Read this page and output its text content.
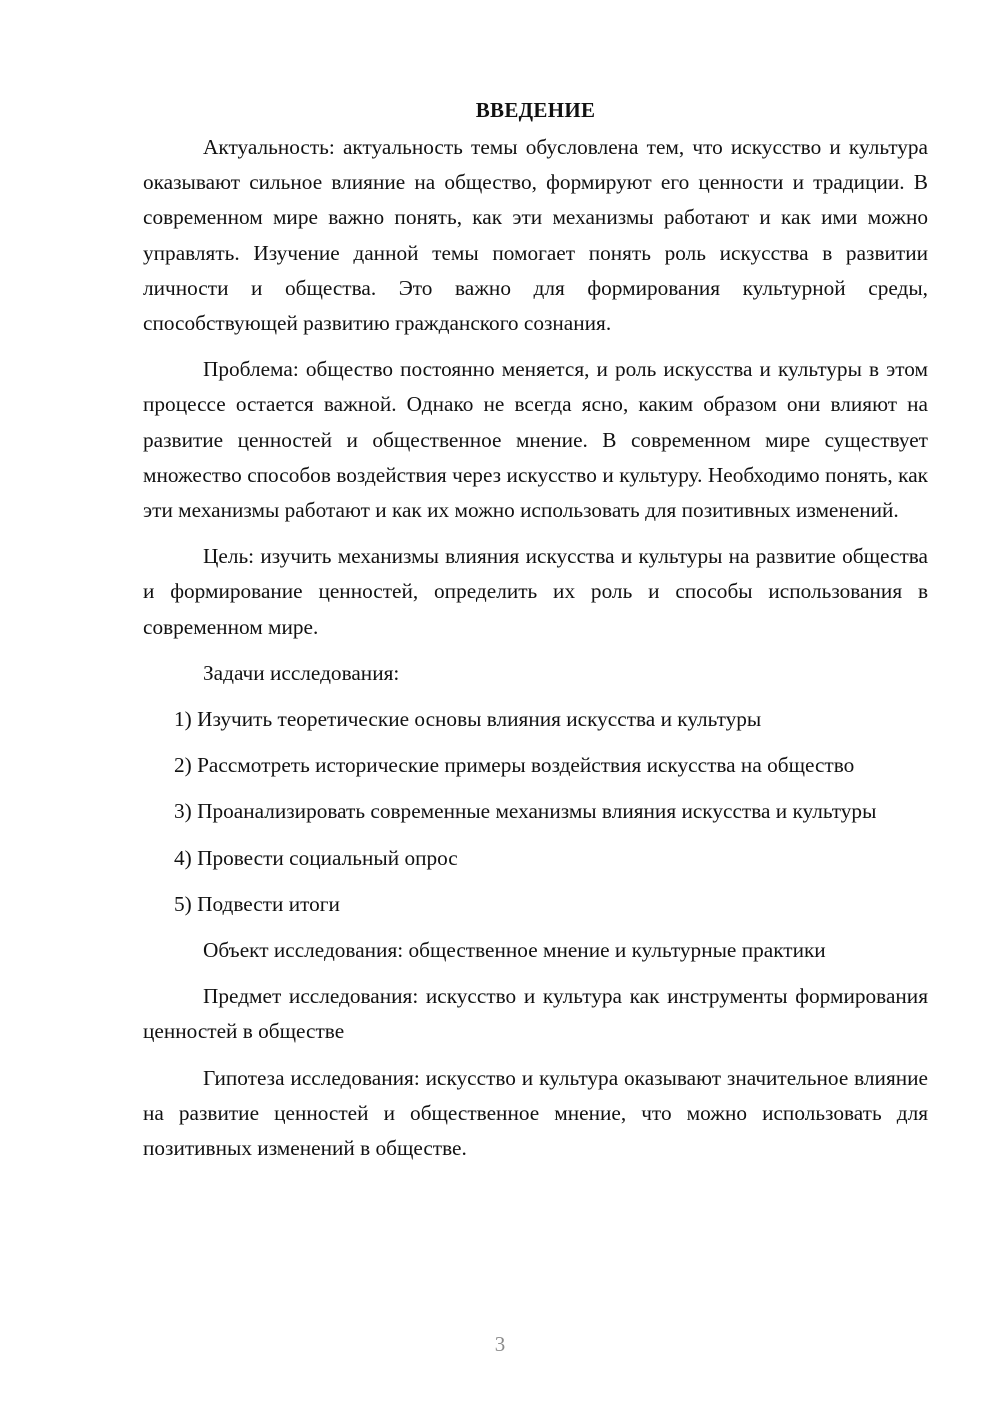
ВВЕДЕНИЕ

Актуальность: актуальность темы обусловлена тем, что искусство и культура оказывают сильное влияние на общество, формируют его ценности и традиции. В современном мире важно понять, как эти механизмы работают и как ими можно управлять. Изучение данной темы помогает понять роль искусства в развитии личности и общества. Это важно для формирования культурной среды, способствующей развитию гражданского сознания.

Проблема: общество постоянно меняется, и роль искусства и культуры в этом процессе остается важной. Однако не всегда ясно, каким образом они влияют на развитие ценностей и общественное мнение. В современном мире существует множество способов воздействия через искусство и культуру. Необходимо понять, как эти механизмы работают и как их можно использовать для позитивных изменений.

Цель: изучить механизмы влияния искусства и культуры на развитие общества и формирование ценностей, определить их роль и способы использования в современном мире.

Задачи исследования:

1) Изучить теоретические основы влияния искусства и культуры

2) Рассмотреть исторические примеры воздействия искусства на общество

3) Проанализировать современные механизмы влияния искусства и культуры

4) Провести социальный опрос

5) Подвести итоги

Объект исследования: общественное мнение и культурные практики

Предмет исследования: искусство и культура как инструменты формирования ценностей в обществе

Гипотеза исследования: искусство и культура оказывают значительное влияние на развитие ценностей и общественное мнение, что можно использовать для позитивных изменений в обществе.

3
